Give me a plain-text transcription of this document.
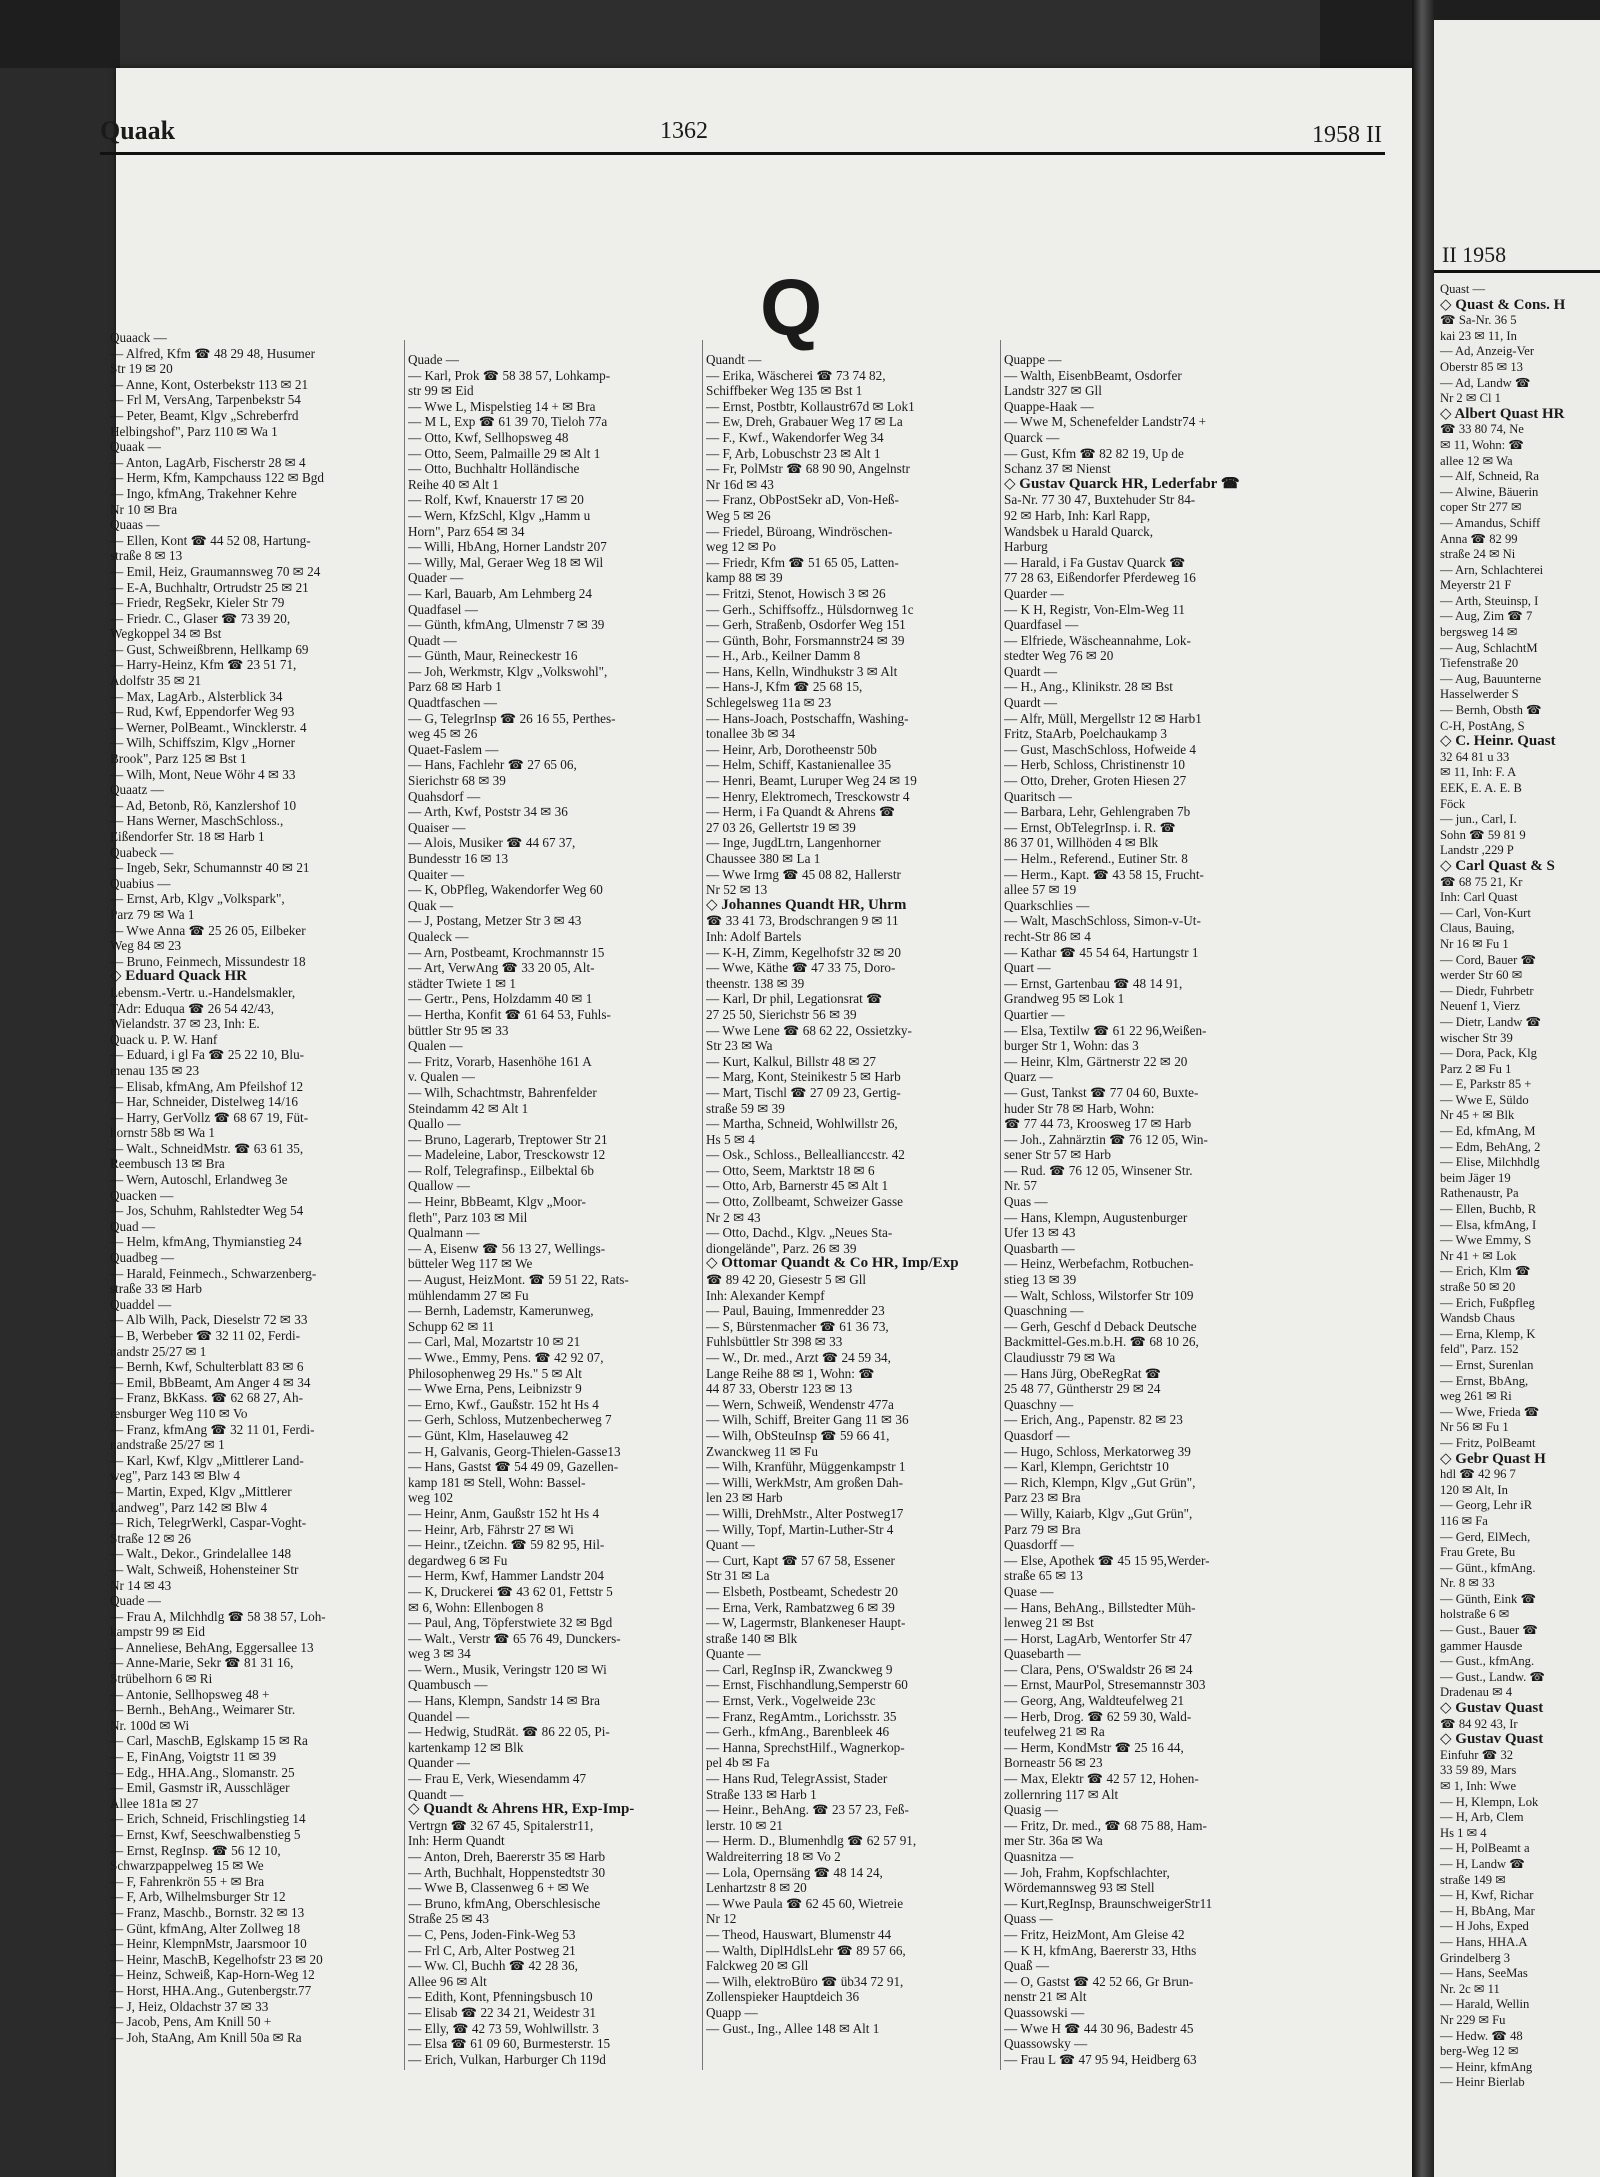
II 1958
Quast —
◇ Quast & Cons. H
☎ Sa-Nr. 36 5
kai 23 ✉ 11, In
— Ad, Anzeig-Ver
Oberstr 85 ✉ 13
— Ad, Landw ☎
Nr 2 ✉ Cl 1
◇ Albert Quast HR
☎ 33 80 74, Ne
✉ 11, Wohn: ☎
allee 12 ✉ Wa
— Alf, Schneid, Ra
— Alwine, Bäuerin
coper Str 277 ✉
— Amandus, Schiff
Anna ☎ 82 99
straße 24 ✉ Ni
— Arn, Schlachterei
Meyerstr 21 F
— Arth, Steuinsp, I
— Aug, Zim ☎ 7
bergsweg 14 ✉
— Aug, SchlachtM
Tiefenstraße 20
— Aug, Bauunterne
Hasselwerder S
— Bernh, Obsth ☎
C-H, PostAng, S
◇ C. Heinr. Quast
32 64 81 u 33
✉ 11, Inh: F. A
EEK, E. A. E. B
Föck
— jun., Carl, I.
Sohn ☎ 59 81 9
Landstr ,229 P
◇ Carl Quast & S
☎ 68 75 21, Kr
Inh: Carl Quast
— Carl, Von-Kurt
Claus, Bauing,
Nr 16 ✉ Fu 1
— Cord, Bauer ☎
werder Str 60 ✉
— Diedr, Fuhrbetr
Neuenf 1, Vierz
— Dietr, Landw ☎
wischer Str 39
— Dora, Pack, Klg
Parz 2 ✉ Fu 1
— E, Parkstr 85 +
— Wwe E, Süldo
Nr 45 + ✉ Blk
— Ed, kfmAng, M
— Edm, BehAng, 2
— Elise, Milchhdlg
beim Jäger 19
Rathenaustr, Pa
— Ellen, Buchb, R
— Elsa, kfmAng, I
— Wwe Emmy, S
Nr 41 + ✉ Lok
— Erich, Klm ☎
straße 50 ✉ 20
— Erich, Fußpfleg
Wandsb Chaus
— Erna, Klemp, K
feld", Parz. 152
— Ernst, Surenlan
— Ernst, BbAng,
weg 261 ✉ Ri
— Wwe, Frieda ☎
Nr 56 ✉ Fu 1
— Fritz, PolBeamt
◇ Gebr Quast H
hdl ☎ 42 96 7
120 ✉ Alt, In
— Georg, Lehr iR
116 ✉ Fa
— Gerd, ElMech,
Frau Grete, Bu
— Günt., kfmAng.
Nr. 8 ✉ 33
— Günth, Eink ☎
holstraße 6 ✉
— Gust., Bauer ☎
gammer Hausde
— Gust., kfmAng.
— Gust., Landw. ☎
Dradenau ✉ 4
◇ Gustav Quast
☎ 84 92 43, Ir
◇ Gustav Quast
Einfuhr ☎ 32
33 59 89, Mars
✉ 1, Inh: Wwe
— H, Klempn, Lok
— H, Arb, Clem
Hs 1 ✉ 4
— H, PolBeamt a
— H, Landw ☎
straße 149 ✉
— H, Kwf, Richar
— H, BbAng, Mar
— H Johs, Exped
— Hans, HHA.A
Grindelberg 3
— Hans, SeeMas
Nr. 2c ✉ 11
— Harald, Wellin
Nr 229 ✉ Fu
— Hedw. ☎ 48
berg-Weg 12 ✉
— Heinr, kfmAng
— Heinr Bierlab
Quaak	1362	1958 II
Q
Quaack —
— Alfred, Kfm ☎ 48 29 48, Husumer
Str 19 ✉ 20
— Anne, Kont, Osterbekstr 113 ✉ 21
— Frl M, VersAng, Tarpenbekstr 54
— Peter, Beamt, Klgv „Schreberfrd
Helbingshof", Parz 110 ✉ Wa 1
Quaak —
— Anton, LagArb, Fischerstr 28 ✉ 4
— Herm, Kfm, Kampchauss 122 ✉ Bgd
— Ingo, kfmAng, Trakehner Kehre
Nr 10 ✉ Bra
Quaas —
— Ellen, Kont ☎ 44 52 08, Hartung-
straße 8 ✉ 13
— Emil, Heiz, Graumannsweg 70 ✉ 24
— E-A, Buchhaltr, Ortrudstr 25 ✉ 21
— Friedr, RegSekr, Kieler Str 79
— Friedr. C., Glaser ☎ 73 39 20,
Wegkoppel 34 ✉ Bst
— Gust, Schweißbrenn, Hellkamp 69
— Harry-Heinz, Kfm ☎ 23 51 71,
Adolfstr 35 ✉ 21
— Max, LagArb., Alsterblick 34
— Rud, Kwf, Eppendorfer Weg 93
— Werner, PolBeamt., Wincklerstr. 4
— Wilh, Schiffszim, Klgv „Horner
Brook", Parz 125 ✉ Bst 1
— Wilh, Mont, Neue Wöhr 4 ✉ 33
Quaatz —
— Ad, Betonb, Rö, Kanzlershof 10
— Hans Werner, MaschSchloss.,
Eißendorfer Str. 18 ✉ Harb 1
Quabeck —
— Ingeb, Sekr, Schumannstr 40 ✉ 21
Quabius —
— Ernst, Arb, Klgv „Volkspark",
Parz 79 ✉ Wa 1
— Wwe Anna ☎ 25 26 05, Eilbeker
Weg 84 ✉ 23
— Bruno, Feinmech, Missundestr 18
◇ Eduard Quack HR
Lebensm.-Vertr. u.-Handelsmakler,
TAdr: Eduqua ☎ 26 54 42/43,
Wielandstr. 37 ✉ 23, Inh: E.
Quack u. P. W. Hanf
— Eduard, i gl Fa ☎ 25 22 10, Blu-
menau 135 ✉ 23
— Elisab, kfmAng, Am Pfeilshof 12
— Har, Schneider, Distelweg 14/16
— Harry, GerVollz ☎ 68 67 19, Füt-
hornstr 58b ✉ Wa 1
— Walt., SchneidMstr. ☎ 63 61 35,
Reembusch 13 ✉ Bra
— Wern, Autoschl, Erlandweg 3e
Quacken —
— Jos, Schuhm, Rahlstedter Weg 54
Quad —
— Helm, kfmAng, Thymianstieg 24
Quadbeg —
— Harald, Feinmech., Schwarzenberg-
straße 33 ✉ Harb
Quaddel —
— Alb Wilh, Pack, Dieselstr 72 ✉ 33
— B, Werbeber ☎ 32 11 02, Ferdi-
nandstr 25/27 ✉ 1
— Bernh, Kwf, Schulterblatt 83 ✉ 6
— Emil, BbBeamt, Am Anger 4 ✉ 34
— Franz, BkKass. ☎ 62 68 27, Ah-
rensburger Weg 110 ✉ Vo
— Franz, kfmAng ☎ 32 11 01, Ferdi-
nandstraße 25/27 ✉ 1
— Karl, Kwf, Klgv „Mittlerer Land-
weg", Parz 143 ✉ Blw 4
— Martin, Exped, Klgv „Mittlerer
Landweg", Parz 142 ✉ Blw 4
— Rich, TelegrWerkl, Caspar-Voght-
Straße 12 ✉ 26
— Walt., Dekor., Grindelallee 148
— Walt, Schweiß, Hohensteiner Str
Nr 14 ✉ 43
Quade —
— Frau A, Milchhdlg ☎ 58 38 57, Loh-
kampstr 99 ✉ Eid
— Anneliese, BehAng, Eggersallee 13
— Anne-Marie, Sekr ☎ 81 31 16,
Strübelhorn 6 ✉ Ri
— Antonie, Sellhopsweg 48 +
— Bernh., BehAng., Weimarer Str.
Nr. 100d ✉ Wi
— Carl, MaschB, Eglskamp 15 ✉ Ra
— E, FinAng, Voigtstr 11 ✉ 39
— Edg., HHA.Ang., Slomanstr. 25
— Emil, Gasmstr iR, Ausschläger
Allee 181a ✉ 27
— Erich, Schneid, Frischlingstieg 14
— Ernst, Kwf, Seeschwalbenstieg 5
— Ernst, RegInsp. ☎ 56 12 10,
Schwarzpappelweg 15 ✉ We
— F, Fahrenkrön 55 + ✉ Bra
— F, Arb, Wilhelmsburger Str 12
— Franz, Maschb., Bornstr. 32 ✉ 13
— Günt, kfmAng, Alter Zollweg 18
— Heinr, KlempnMstr, Jaarsmoor 10
— Heinr, MaschB, Kegelhofstr 23 ✉ 20
— Heinz, Schweiß, Kap-Horn-Weg 12
— Horst, HHA.Ang., Gutenbergstr.77
— J, Heiz, Oldachstr 37 ✉ 33
— Jacob, Pens, Am Knill 50 +
— Joh, StaAng, Am Knill 50a ✉ Ra
Quade —
— Karl, Prok ☎ 58 38 57, Lohkamp-
str 99 ✉ Eid
— Wwe L, Mispelstieg 14 + ✉ Bra
— M L, Exp ☎ 61 39 70, Tieloh 77a
— Otto, Kwf, Sellhopsweg 48
— Otto, Seem, Palmaille 29 ✉ Alt 1
— Otto, Buchhaltr Holländische
Reihe 40 ✉ Alt 1
— Rolf, Kwf, Knauerstr 17 ✉ 20
— Wern, KfzSchl, Klgv „Hamm u
Horn", Parz 654 ✉ 34
— Willi, HbAng, Horner Landstr 207
— Willy, Mal, Geraer Weg 18 ✉ Wil
Quader —
— Karl, Bauarb, Am Lehmberg 24
Quadfasel —
— Günth, kfmAng, Ulmenstr 7 ✉ 39
Quadt —
— Günth, Maur, Reineckestr 16
— Joh, Werkmstr, Klgv „Volkswohl",
Parz 68 ✉ Harb 1
Quadtfaschen —
— G, TelegrInsp ☎ 26 16 55, Perthes-
weg 45 ✉ 26
Quaet-Faslem —
— Hans, Fachlehr ☎ 27 65 06,
Sierichstr 68 ✉ 39
Quahsdorf —
— Arth, Kwf, Poststr 34 ✉ 36
Quaiser —
— Alois, Musiker ☎ 44 67 37,
Bundesstr 16 ✉ 13
Quaiter —
— K, ObPfleg, Wakendorfer Weg 60
Quak —
— J, Postang, Metzer Str 3 ✉ 43
Qualeck —
— Arn, Postbeamt, Krochmannstr 15
— Art, VerwAng ☎ 33 20 05, Alt-
städter Twiete 1 ✉ 1
— Gertr., Pens, Holzdamm 40 ✉ 1
— Hertha, Konfit ☎ 61 64 53, Fuhls-
büttler Str 95 ✉ 33
Qualen —
— Fritz, Vorarb, Hasenhöhe 161 A
v. Qualen —
— Wilh, Schachtmstr, Bahrenfelder
Steindamm 42 ✉ Alt 1
Quallo —
— Bruno, Lagerarb, Treptower Str 21
— Madeleine, Labor, Tresckowstr 12
— Rolf, Telegrafinsp., Eilbektal 6b
Quallow —
— Heinr, BbBeamt, Klgv „Moor-
fleth", Parz 103 ✉ Mil
Qualmann —
— A, Eisenw ☎ 56 13 27, Wellings-
bütteler Weg 117 ✉ We
— August, HeizMont. ☎ 59 51 22, Rats-
mühlendamm 27 ✉ Fu
— Bernh, Lademstr, Kamerunweg,
Schupp 62 ✉ 11
— Carl, Mal, Mozartstr 10 ✉ 21
— Wwe., Emmy, Pens. ☎ 42 92 07,
Philosophenweg 29 Hs." 5 ✉ Alt
— Wwe Erna, Pens, Leibnizstr 9
— Erno, Kwf., Gaußstr. 152 ht Hs 4
— Gerh, Schloss, Mutzenbecherweg 7
— Günt, Klm, Haselauweg 42
— H, Galvanis, Georg-Thielen-Gasse13
— Hans, Gastst ☎ 54 49 09, Gazellen-
kamp 181 ✉ Stell, Wohn: Bassel-
weg 102
— Heinr, Anm, Gaußstr 152 ht Hs 4
— Heinr, Arb, Fährstr 27 ✉ Wi
— Heinr., tZeichn. ☎ 59 82 95, Hil-
degardweg 6 ✉ Fu
— Herm, Kwf, Hammer Landstr 204
— K, Druckerei ☎ 43 62 01, Fettstr 5
✉ 6, Wohn: Ellenbogen 8
— Paul, Ang, Töpferstwiete 32 ✉ Bgd
— Walt., Verstr ☎ 65 76 49, Dunckers-
weg 3 ✉ 34
— Wern., Musik, Veringstr 120 ✉ Wi
Quambusch —
— Hans, Klempn, Sandstr 14 ✉ Bra
Quandel —
— Hedwig, StudRät. ☎ 86 22 05, Pi-
kartenkamp 12 ✉ Blk
Quander —
— Frau E, Verk, Wiesendamm 47
Quandt —
◇ Quandt & Ahrens HR, Exp-Imp-
Vertrgn ☎ 32 67 45, Spitalerstr11,
Inh: Herm Quandt
— Anton, Dreh, Baererstr 35 ✉ Harb
— Arth, Buchhalt, Hoppenstedtstr 30
— Wwe B, Classenweg 6 + ✉ We
— Bruno, kfmAng, Oberschlesische
Straße 25 ✉ 43
— C, Pens, Joden-Fink-Weg 53
— Frl C, Arb, Alter Postweg 21
— Ww. Cl, Buchh ☎ 42 28 36,
Allee 96 ✉ Alt
— Edith, Kont, Pfenningsbusch 10
— Elisab ☎ 22 34 21, Weidestr 31
— Elly, ☎ 42 73 59, Wohlwillstr. 3
— Elsa ☎ 61 09 60, Burmesterstr. 15
— Erich, Vulkan, Harburger Ch 119d
Quandt —
— Erika, Wäscherei ☎ 73 74 82,
Schiffbeker Weg 135 ✉ Bst 1
— Ernst, Postbtr, Kollaustr67d ✉ Lok1
— Ew, Dreh, Grabauer Weg 17 ✉ La
— F., Kwf., Wakendorfer Weg 34
— F, Arb, Lobuschstr 23 ✉ Alt 1
— Fr, PolMstr ☎ 68 90 90, Angelnstr
Nr 16d ✉ 43
— Franz, ObPostSekr aD, Von-Heß-
Weg 5 ✉ 26
— Friedel, Büroang, Windröschen-
weg 12 ✉ Po
— Friedr, Kfm ☎ 51 65 05, Latten-
kamp 88 ✉ 39
— Fritzi, Stenot, Howisch 3 ✉ 26
— Gerh., Schiffsoffz., Hülsdornweg 1c
— Gerh, Straßenb, Osdorfer Weg 151
— Günth, Bohr, Forsmannstr24 ✉ 39
— H., Arb., Keilner Damm 8
— Hans, Kelln, Windhukstr 3 ✉ Alt
— Hans-J, Kfm ☎ 25 68 15,
Schlegelsweg 11a ✉ 23
— Hans-Joach, Postschaffn, Washing-
tonallee 3b ✉ 34
— Heinr, Arb, Dorotheenstr 50b
— Helm, Schiff, Kastanienallee 35
— Henri, Beamt, Luruper Weg 24 ✉ 19
— Henry, Elektromech, Tresckowstr 4
— Herm, i Fa Quandt & Ahrens ☎
27 03 26, Gellertstr 19 ✉ 39
— Inge, JugdLtrn, Langenhorner
Chaussee 380 ✉ La 1
— Wwe Irmg ☎ 45 08 82, Hallerstr
Nr 52 ✉ 13
◇ Johannes Quandt HR, Uhrm
☎ 33 41 73, Brodschrangen 9 ✉ 11
Inh: Adolf Bartels
— K-H, Zimm, Kegelhofstr 32 ✉ 20
— Wwe, Käthe ☎ 47 33 75, Doro-
theenstr. 138 ✉ 39
— Karl, Dr phil, Legationsrat ☎
27 25 50, Sierichstr 56 ✉ 39
— Wwe Lene ☎ 68 62 22, Ossietzky-
Str 23 ✉ Wa
— Kurt, Kalkul, Billstr 48 ✉ 27
— Marg, Kont, Steinikestr 5 ✉ Harb
— Mart, Tischl ☎ 27 09 23, Gertig-
straße 59 ✉ 39
— Martha, Schneid, Wohlwillstr 26,
Hs 5 ✉ 4
— Osk., Schloss., Belleallianccstr. 42
— Otto, Seem, Marktstr 18 ✉ 6
— Otto, Arb, Barnerstr 45 ✉ Alt 1
— Otto, Zollbeamt, Schweizer Gasse
Nr 2 ✉ 43
— Otto, Dachd., Klgv. „Neues Sta-
diongelände", Parz. 26 ✉ 39
◇ Ottomar Quandt & Co HR, Imp/Exp
☎ 89 42 20, Giesestr 5 ✉ Gll
Inh: Alexander Kempf
— Paul, Bauing, Immenredder 23
— S, Bürstenmacher ☎ 61 36 73,
Fuhlsbüttler Str 398 ✉ 33
— W., Dr. med., Arzt ☎ 24 59 34,
Lange Reihe 88 ✉ 1, Wohn: ☎
44 87 33, Oberstr 123 ✉ 13
— Wern, Schweiß, Wendenstr 477a
— Wilh, Schiff, Breiter Gang 11 ✉ 36
— Wilh, ObSteuInsp ☎ 59 66 41,
Zwanckweg 11 ✉ Fu
— Wilh, Kranführ, Müggenkampstr 1
— Willi, WerkMstr, Am großen Dah-
len 23 ✉ Harb
— Willi, DrehMstr., Alter Postweg17
— Willy, Topf, Martin-Luther-Str 4
Quant —
— Curt, Kapt ☎ 57 67 58, Essener
Str 31 ✉ La
— Elsbeth, Postbeamt, Schedestr 20
— Erna, Verk, Rambatzweg 6 ✉ 39
— W, Lagermstr, Blankeneser Haupt-
straße 140 ✉ Blk
Quante —
— Carl, RegInsp iR, Zwanckweg 9
— Ernst, Fischhandlung,Semperstr 60
— Ernst, Verk., Vogelweide 23c
— Franz, RegAmtm., Lorichsstr. 35
— Gerh., kfmAng., Barenbleek 46
— Hanna, SprechstHilf., Wagnerkop-
pel 4b ✉ Fa
— Hans Rud, TelegrAssist, Stader
Straße 133 ✉ Harb 1
— Heinr., BehAng. ☎ 23 57 23, Feß-
lerstr. 10 ✉ 21
— Herm. D., Blumenhdlg ☎ 62 57 91,
Waldreiterring 18 ✉ Vo 2
— Lola, Opernsäng ☎ 48 14 24,
Lenhartzstr 8 ✉ 20
— Wwe Paula ☎ 62 45 60, Wietreie
Nr 12
— Theod, Hauswart, Blumenstr 44
— Walth, DiplHdlsLehr ☎ 89 57 66,
Falckweg 20 ✉ Gll
— Wilh, elektroBüro ☎ üb34 72 91,
Zollenspieker Hauptdeich 36
Quapp —
— Gust., Ing., Allee 148 ✉ Alt 1
Quappe —
— Walth, EisenbBeamt, Osdorfer
Landstr 327 ✉ Gll
Quappe-Haak —
— Wwe M, Schenefelder Landstr74 +
Quarck —
— Gust, Kfm ☎ 82 82 19, Up de
Schanz 37 ✉ Nienst
◇ Gustav Quarck HR, Lederfabr ☎
Sa-Nr. 77 30 47, Buxtehuder Str 84-
92 ✉ Harb, Inh: Karl Rapp,
Wandsbek u Harald Quarck,
Harburg
— Harald, i Fa Gustav Quarck ☎
77 28 63, Eißendorfer Pferdeweg 16
Quarder —
— K H, Registr, Von-Elm-Weg 11
Quardfasel —
— Elfriede, Wäscheannahme, Lok-
stedter Weg 76 ✉ 20
Quardt —
— H., Ang., Klinikstr. 28 ✉ Bst
Quardt —
— Alfr, Müll, Mergellstr 12 ✉ Harb1
Fritz, StaArb, Poelchaukamp 3
— Gust, MaschSchloss, Hofweide 4
— Herb, Schloss, Christinenstr 10
— Otto, Dreher, Groten Hiesen 27
Quaritsch —
— Barbara, Lehr, Gehlengraben 7b
— Ernst, ObTelegrInsp. i. R. ☎
86 37 01, Willhöden 4 ✉ Blk
— Helm., Referend., Eutiner Str. 8
— Herm., Kapt. ☎ 43 58 15, Frucht-
allee 57 ✉ 19
Quarkschlies —
— Walt, MaschSchloss, Simon-v-Ut-
recht-Str 86 ✉ 4
— Kathar ☎ 45 54 64, Hartungstr 1
Quart —
— Ernst, Gartenbau ☎ 48 14 91,
Grandweg 95 ✉ Lok 1
Quartier —
— Elsa, Textilw ☎ 61 22 96,Weißen-
burger Str 1, Wohn: das 3
— Heinr, Klm, Gärtnerstr 22 ✉ 20
Quarz —
— Gust, Tankst ☎ 77 04 60, Buxte-
huder Str 78 ✉ Harb, Wohn:
☎ 77 44 73, Kroosweg 17 ✉ Harb
— Joh., Zahnärztin ☎ 76 12 05, Win-
sener Str 57 ✉ Harb
— Rud. ☎ 76 12 05, Winsener Str.
Nr. 57
Quas —
— Hans, Klempn, Augustenburger
Ufer 13 ✉ 43
Quasbarth —
— Heinz, Werbefachm, Rotbuchen-
stieg 13 ✉ 39
— Walt, Schloss, Wilstorfer Str 109
Quaschning —
— Gerh, Geschf d Deback Deutsche
Backmittel-Ges.m.b.H. ☎ 68 10 26,
Claudiusstr 79 ✉ Wa
— Hans Jürg, ObeRegRat ☎
25 48 77, Güntherstr 29 ✉ 24
Quaschny —
— Erich, Ang., Papenstr. 82 ✉ 23
Quasdorf —
— Hugo, Schloss, Merkatorweg 39
— Karl, Klempn, Gerichtstr 10
— Rich, Klempn, Klgv „Gut Grün",
Parz 23 ✉ Bra
— Willy, Kaiarb, Klgv „Gut Grün",
Parz 79 ✉ Bra
Quasdorff —
— Else, Apothek ☎ 45 15 95,Werder-
straße 65 ✉ 13
Quase —
— Hans, BehAng., Billstedter Müh-
lenweg 21 ✉ Bst
— Horst, LagArb, Wentorfer Str 47
Quasebarth —
— Clara, Pens, O'Swaldstr 26 ✉ 24
— Ernst, MaurPol, Stresemannstr 303
— Georg, Ang, Waldteufelweg 21
— Herb, Drog. ☎ 62 59 30, Wald-
teufelweg 21 ✉ Ra
— Herm, KondMstr ☎ 25 16 44,
Borneastr 56 ✉ 23
— Max, Elektr ☎ 42 57 12, Hohen-
zollernring 117 ✉ Alt
Quasig —
— Fritz, Dr. med., ☎ 68 75 88, Ham-
mer Str. 36a ✉ Wa
Quasnitza —
— Joh, Frahm, Kopfschlachter,
Wördemannsweg 93 ✉ Stell
— Kurt,RegInsp, BraunschweigerStr11
Quass —
— Fritz, HeizMont, Am Gleise 42
— K H, kfmAng, Baererstr 33, Hths
Quaß —
— O, Gastst ☎ 42 52 66, Gr Brun-
nenstr 21 ✉ Alt
Quassowski —
— Wwe H ☎ 44 30 96, Badestr 45
Quassowsky —
— Frau L ☎ 47 95 94, Heidberg 63
